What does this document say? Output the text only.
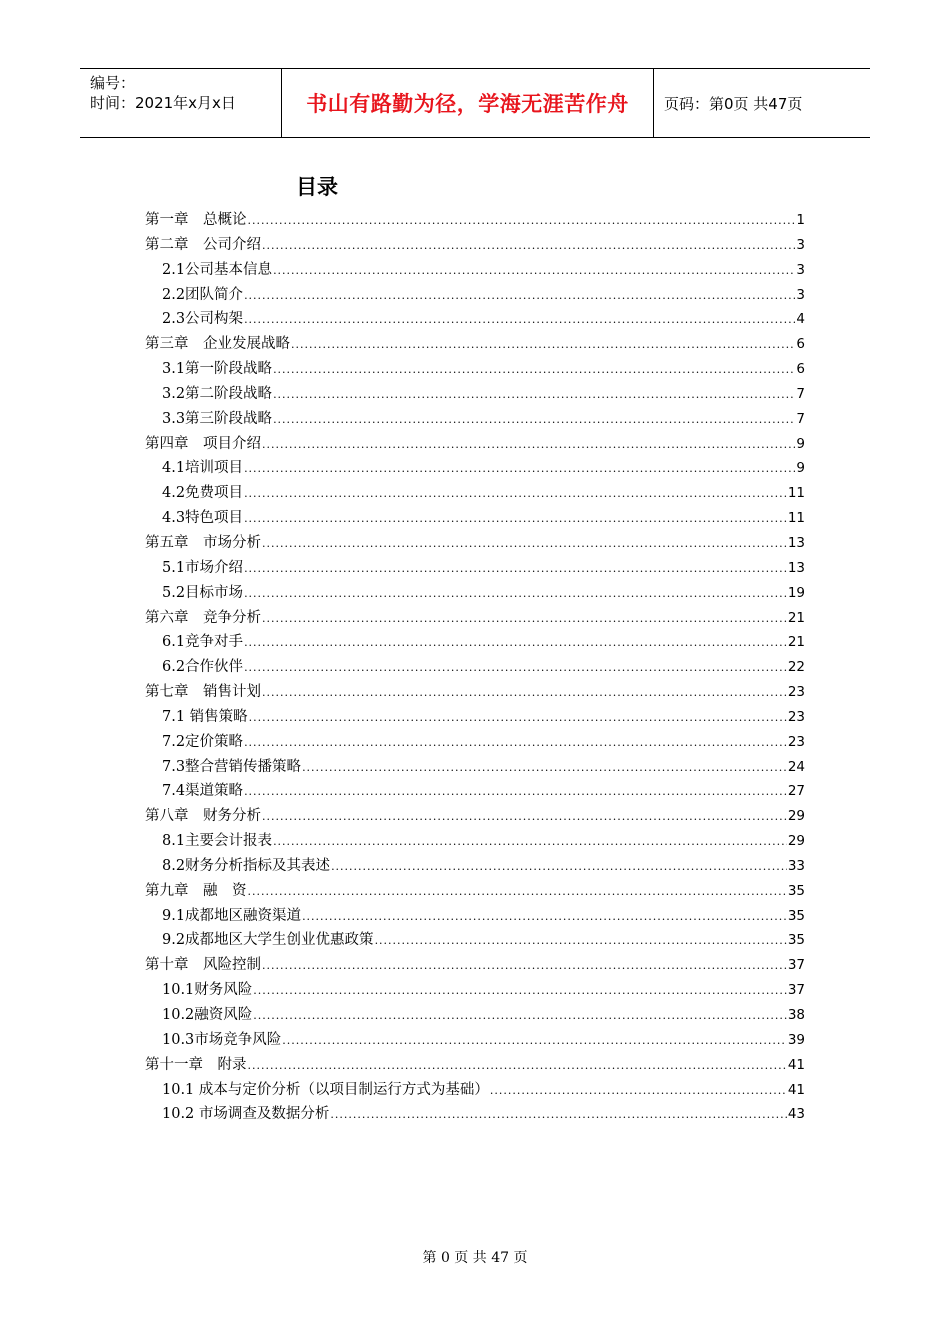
编号：
时间：2021年x月x日	书山有路勤为径，学海无涯苦作舟	页码：第0页 共47页
目录
第一章　总概论 .....	1
第二章　公司介绍 .....	3
2.1公司基本信息 .....	3
2.2团队简介 .....	3
2.3公司构架 .....	4
第三章　企业发展战略 .....	6
3.1第一阶段战略 .....	6
3.2第二阶段战略 .....	7
3.3第三阶段战略 .....	7
第四章　项目介绍 .....	9
4.1培训项目 .....	9
4.2免费项目 .....	11
4.3特色项目 .....	11
第五章　市场分析 .....	13
5.1市场介绍 .....	13
5.2目标市场 .....	19
第六章　竞争分析 .....	21
6.1竞争对手 .....	21
6.2合作伙伴 .....	22
第七章　销售计划 .....	23
7.1 销售策略 .....	23
7.2定价策略 .....	23
7.3整合营销传播策略 .....	24
7.4渠道策略 .....	27
第八章　财务分析 .....	29
8.1主要会计报表 .....	29
8.2财务分析指标及其表述 .....	33
第九章　融　资 .....	35
9.1成都地区融资渠道 .....	35
9.2成都地区大学生创业优惠政策 .....	35
第十章　风险控制 .....	37
10.1财务风险 .....	37
10.2融资风险 .....	38
10.3市场竞争风险 .....	39
第十一章　附录 .....	41
10.1 成本与定价分析（以项目制运行方式为基础） .....	41
10.2 市场调查及数据分析 .....	43
第 0 页 共 47 页
